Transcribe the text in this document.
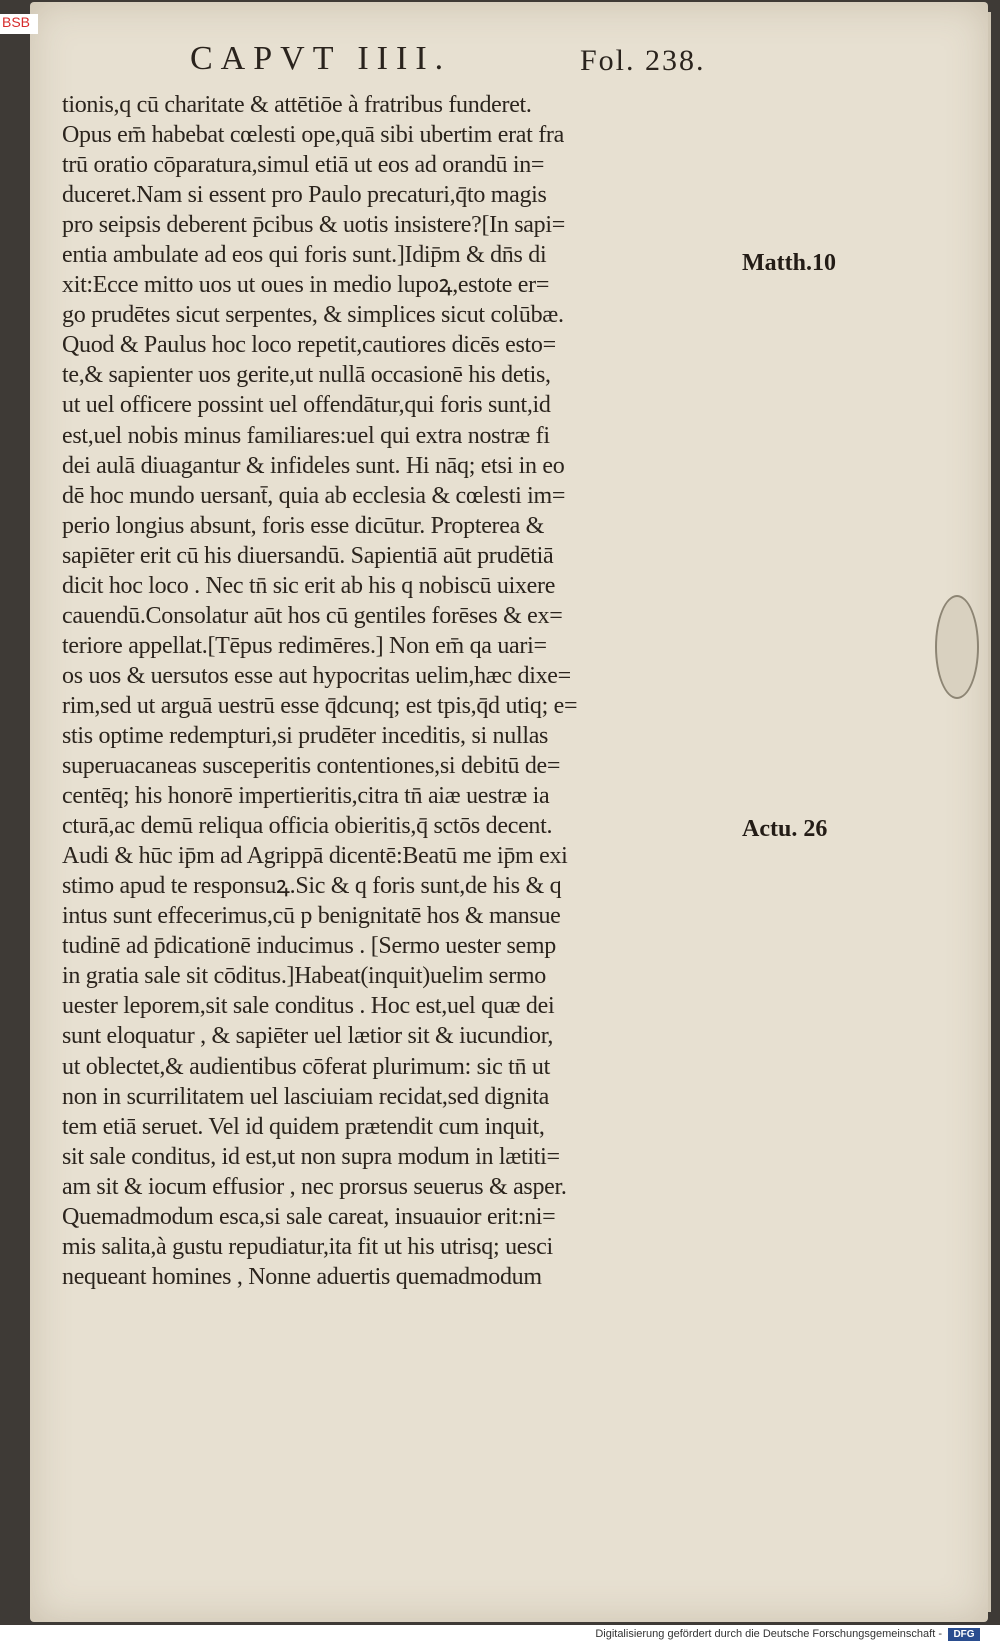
BSB
CAPVT IIII.	Fol. 238.
tionis,q cū charitate & attētiōe à fratribus funderet.
Opus em̄ habebat cœlesti ope,quā sibi ubertim erat fra
trū oratio cōparatura,simul etiā ut eos ad orandū in=
duceret.Nam si essent pro Paulo precaturi,q̄to magis
pro seipsis deberent p̄cibus & uotis insistere?[In sapi=
entia ambulate ad eos qui foris sunt.]Idip̄m & dn̄s di
xit:Ecce mitto uos ut oues in medio lupoꝝ,estote er=
go prudētes sicut serpentes, & simplices sicut colūbæ.
Quod & Paulus hoc loco repetit,cautiores dicēs esto=
te,& sapienter uos gerite,ut nullā occasionē his detis,
ut uel officere possint uel offendātur,qui foris sunt,id
est,uel nobis minus familiares:uel qui extra nostræ fi
dei aulā diuagantur & infideles sunt. Hi nāq; etsi in eo
dē hoc mundo uersant̄, quia ab ecclesia & cœlesti im=
perio longius absunt, foris esse dicūtur. Propterea &
sapiēter erit cū his diuersandū. Sapientiā aūt prudētiā
dicit hoc loco . Nec tn̄ sic erit ab his q nobiscū uixere
cauendū.Consolatur aūt hos cū gentiles forēses & ex=
teriore appellat.[Tēpus redimēres.] Non em̄ qa uari=
os uos & uersutos esse aut hypocritas uelim,hæc dixe=
rim,sed ut arguā uestrū esse q̄dcunq; est tpis,q̄d utiq; e=
stis optime redempturi,si prudēter inceditis, si nullas
superuacaneas susceperitis contentiones,si debitū de=
centēq; his honorē impertieritis,citra tn̄ aiæ uestræ ia
cturā,ac demū reliqua officia obieritis,q̄ sctōs decent.
Audi & hūc ip̄m ad Agrippā dicentē:Beatū me ip̄m exi
stimo apud te responsuꝝ.Sic & q foris sunt,de his & q
intus sunt effecerimus,cū p benignitatē hos & mansue
tudinē ad p̄dicationē inducimus . [Sermo uester semp
in gratia sale sit cōditus.]Habeat(inquit)uelim sermo
uester leporem,sit sale conditus . Hoc est,uel quæ dei
sunt eloquatur , & sapiēter uel lætior sit & iucundior,
ut oblectet,& audientibus cōferat plurimum: sic tn̄ ut
non in scurrilitatem uel lasciuiam recidat,sed dignita
tem etiā seruet. Vel id quidem prætendit cum inquit,
sit sale conditus, id est,ut non supra modum in lætiti=
am sit & iocum effusior , nec prorsus seuerus & asper.
Quemadmodum esca,si sale careat, insuauior erit:ni=
mis salita,à gustu repudiatur,ita fit ut his utrisq; uesci
nequeant homines , Nonne aduertis quemadmodum
Matth.10
Actu. 26
Digitalisierung gefördert durch die Deutsche Forschungsgemeinschaft -	DFG
